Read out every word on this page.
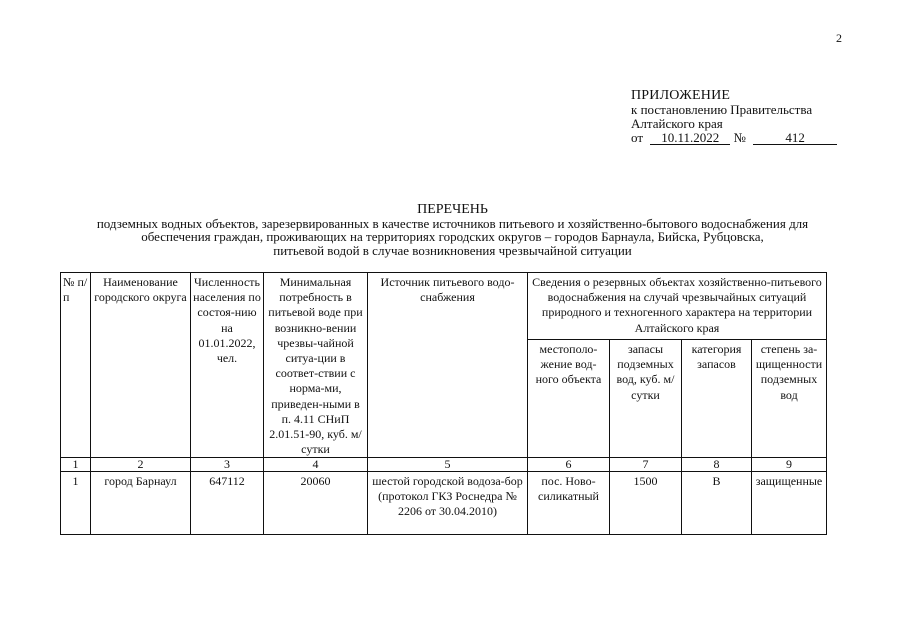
2
ПРИЛОЖЕНИЕ
к постановлению Правительства
Алтайского края
от 10.11.2022 №	412
ПЕРЕЧЕНЬ
подземных водных объектов, зарезервированных в качестве источников питьевого и хозяйственно-бытового водоснабжения для
обеспечения граждан, проживающих на территориях городских округов – городов Барнаула, Бийска, Рубцовска,
питьевой водой в случае возникновения чрезвычайной ситуации
№ п/п	Наименование городского округа	Численность населения по состоя-нию на 01.01.2022, чел.	Минимальная потребность в питьевой воде при возникно-вении чрезвы-чайной ситуа-ции в соответ-ствии с норма-ми, приведен-ными в п. 4.11 СНиП 2.01.51-90, куб. м/сутки	Источник питьевого водо-снабжения	Сведения о резервных объектах хозяйственно-питьевого водоснабжения на случай чрезвычайных ситуаций природного и техногенного характера на территории Алтайского края			
					местополо-жение вод-ного объекта	запасы подземных вод, куб. м/сутки	категория запасов	степень за-щищенности подземных вод
1	2	3	4	5	6	7	8	9
1	город Барнаул	647112	20060	шестой городской водоза-бор (протокол ГКЗ Роснедра № 2206 от 30.04.2010)	пос. Ново-силикатный	1500	В	защищенные
